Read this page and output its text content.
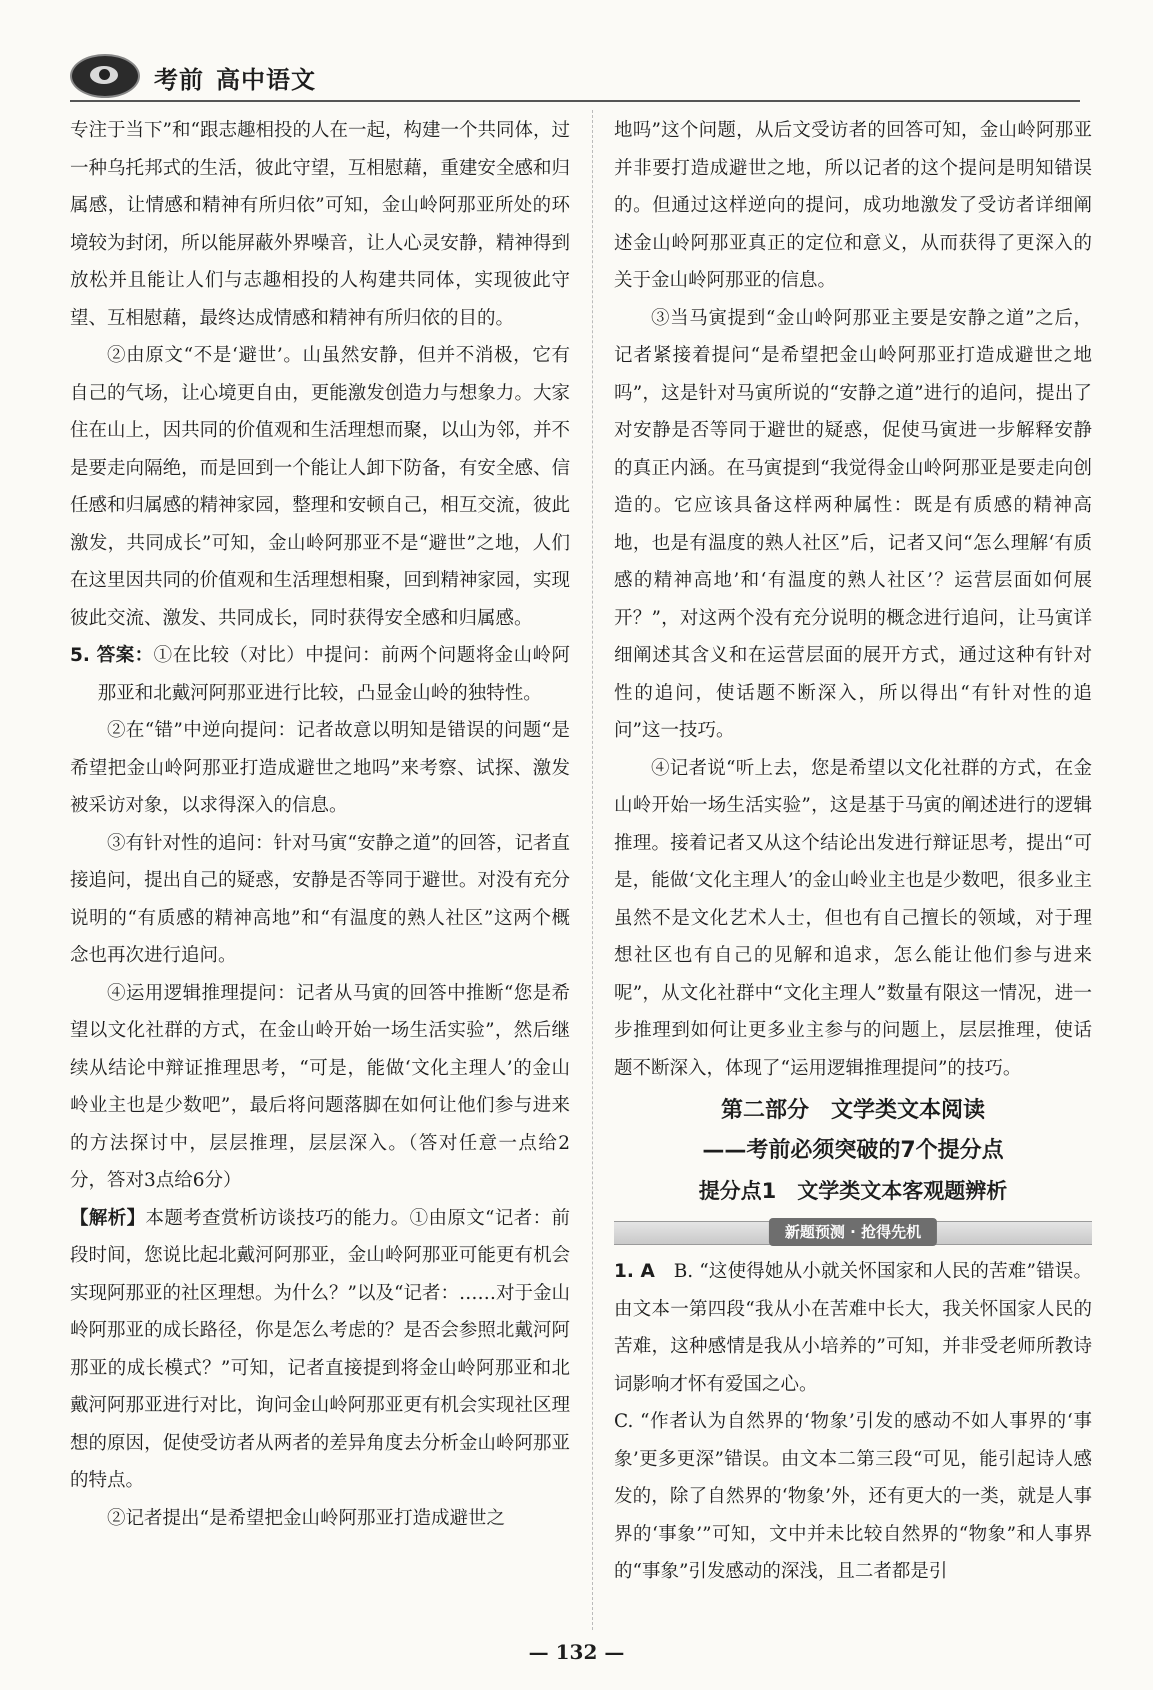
考前 高中语文

专注于当下”和“跟志趣相投的人在一起，构建一个共同体，过一种乌托邦式的生活，彼此守望，互相慰藉，重建安全感和归属感，让情感和精神有所归依”可知，金山岭阿那亚所处的环境较为封闭，所以能屏蔽外界噪音，让人心灵安静，精神得到放松并且能让人们与志趣相投的人构建共同体，实现彼此守望、互相慰藉，最终达成情感和精神有所归依的目的。

②由原文“不是‘避世’。山虽然安静，但并不消极，它有自己的气场，让心境更自由，更能激发创造力与想象力。大家住在山上，因共同的价值观和生活理想而聚，以山为邻，并不是要走向隔绝，而是回到一个能让人卸下防备，有安全感、信任感和归属感的精神家园，整理和安顿自己，相互交流，彼此激发，共同成长”可知，金山岭阿那亚不是“避世”之地，人们在这里因共同的价值观和生活理想相聚，回到精神家园，实现彼此交流、激发、共同成长，同时获得安全感和归属感。

5. 答案：①在比较（对比）中提问：前两个问题将金山岭阿那亚和北戴河阿那亚进行比较，凸显金山岭的独特性。

②在“错”中逆向提问：记者故意以明知是错误的问题“是希望把金山岭阿那亚打造成避世之地吗”来考察、试探、激发被采访对象，以求得深入的信息。

③有针对性的追问：针对马寅“安静之道”的回答，记者直接追问，提出自己的疑惑，安静是否等同于避世。对没有充分说明的“有质感的精神高地”和“有温度的熟人社区”这两个概念也再次进行追问。

④运用逻辑推理提问：记者从马寅的回答中推断“您是希望以文化社群的方式，在金山岭开始一场生活实验”，然后继续从结论中辩证推理思考，“可是，能做‘文化主理人’的金山岭业主也是少数吧”，最后将问题落脚在如何让他们参与进来的方法探讨中，层层推理，层层深入。（答对任意一点给2分，答对3点给6分）

【解析】本题考查赏析访谈技巧的能力。①由原文“记者：前段时间，您说比起北戴河阿那亚，金山岭阿那亚可能更有机会实现阿那亚的社区理想。为什么？”以及“记者：……对于金山岭阿那亚的成长路径，你是怎么考虑的？是否会参照北戴河阿那亚的成长模式？”可知，记者直接提到将金山岭阿那亚和北戴河阿那亚进行对比，询问金山岭阿那亚更有机会实现社区理想的原因，促使受访者从两者的差异角度去分析金山岭阿那亚的特点。

②记者提出“是希望把金山岭阿那亚打造成避世之

地吗”这个问题，从后文受访者的回答可知，金山岭阿那亚并非要打造成避世之地，所以记者的这个提问是明知错误的。但通过这样逆向的提问，成功地激发了受访者详细阐述金山岭阿那亚真正的定位和意义，从而获得了更深入的关于金山岭阿那亚的信息。

③当马寅提到“金山岭阿那亚主要是安静之道”之后，记者紧接着提问“是希望把金山岭阿那亚打造成避世之地吗”，这是针对马寅所说的“安静之道”进行的追问，提出了对安静是否等同于避世的疑惑，促使马寅进一步解释安静的真正内涵。在马寅提到“我觉得金山岭阿那亚是要走向创造的。它应该具备这样两种属性：既是有质感的精神高地，也是有温度的熟人社区”后，记者又问“怎么理解‘有质感的精神高地’和‘有温度的熟人社区’？运营层面如何展开？”，对这两个没有充分说明的概念进行追问，让马寅详细阐述其含义和在运营层面的展开方式，通过这种有针对性的追问，使话题不断深入，所以得出“有针对性的追问”这一技巧。

④记者说“听上去，您是希望以文化社群的方式，在金山岭开始一场生活实验”，这是基于马寅的阐述进行的逻辑推理。接着记者又从这个结论出发进行辩证思考，提出“可是，能做‘文化主理人’的金山岭业主也是少数吧，很多业主虽然不是文化艺术人士，但也有自己擅长的领域，对于理想社区也有自己的见解和追求，怎么能让他们参与进来呢”，从文化社群中“文化主理人”数量有限这一情况，进一步推理到如何让更多业主参与的问题上，层层推理，使话题不断深入，体现了“运用逻辑推理提问”的技巧。

第二部分　文学类文本阅读
——考前必须突破的7个提分点
提分点1　文学类文本客观题辨析
新题预测 · 抢得先机

1. A　B. “这使得她从小就关怀国家和人民的苦难”错误。由文本一第四段“我从小在苦难中长大，我关怀国家人民的苦难，这种感情是我从小培养的”可知，并非受老师所教诗词影响才怀有爱国之心。

C. “作者认为自然界的‘物象’引发的感动不如人事界的‘事象’更多更深”错误。由文本二第三段“可见，能引起诗人感发的，除了自然界的‘物象’外，还有更大的一类，就是人事界的‘事象’”可知，文中并未比较自然界的“物象”和人事界的“事象”引发感动的深浅，且二者都是引

— 132 —
